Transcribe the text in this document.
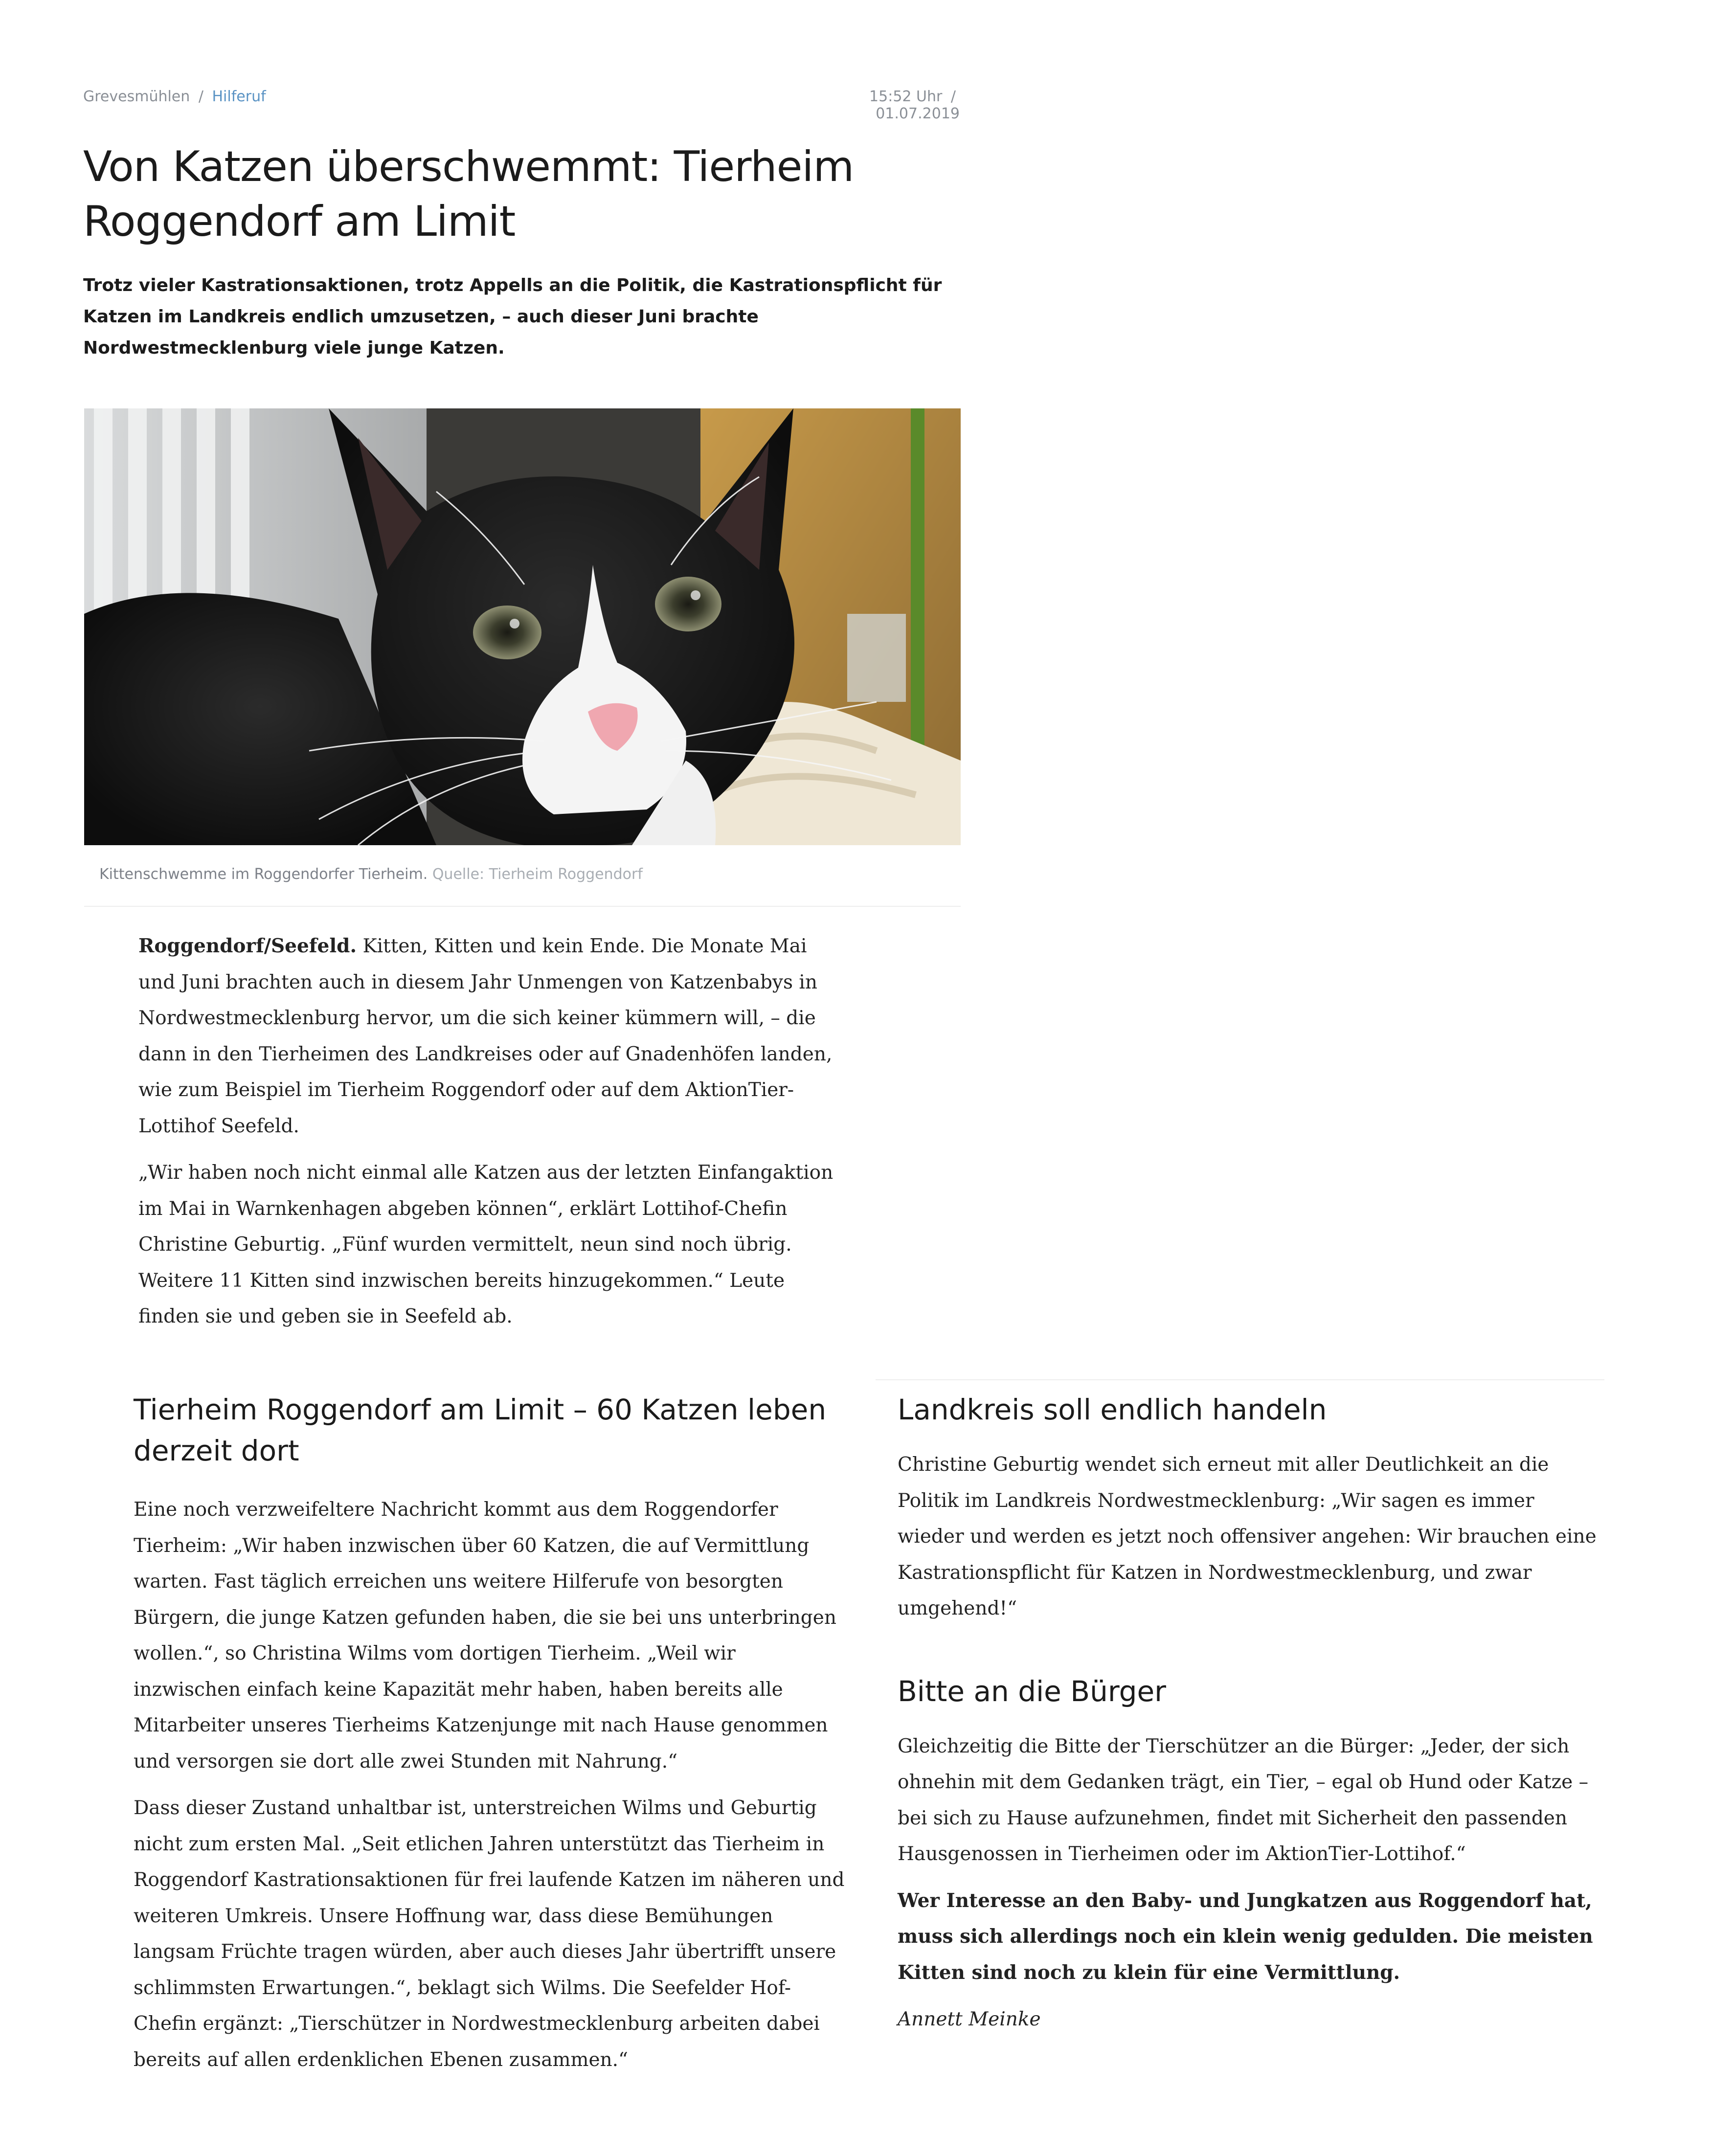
Grevesmühlen / Hilferuf	15:52 Uhr / 01.07.2019
Von Katzen überschwemmt: Tierheim Roggendorf am Limit

Trotz vieler Kastrationsaktionen, trotz Appells an die Politik, die Kastrationspflicht für Katzen im Landkreis endlich umzusetzen, – auch dieser Juni brachte Nordwestmecklenburg viele junge Katzen.

Kittenschwemme im Roggendorfer Tierheim. Quelle: Tierheim Roggendorf

Roggendorf/Seefeld. Kitten, Kitten und kein Ende. Die Monate Mai und Juni brachten auch in diesem Jahr Unmengen von Katzenbabys in Nordwestmecklenburg hervor, um die sich keiner kümmern will, – die dann in den Tierheimen des Landkreises oder auf Gnadenhöfen landen, wie zum Beispiel im Tierheim Roggendorf oder auf dem AktionTier-Lottihof Seefeld.

„Wir haben noch nicht einmal alle Katzen aus der letzten Einfangaktion im Mai in Warnkenhagen abgeben können“, erklärt Lottihof-Chefin Christine Geburtig. „Fünf wurden vermittelt, neun sind noch übrig. Weitere 11 Kitten sind inzwischen bereits hinzugekommen.“ Leute finden sie und geben sie in Seefeld ab.

Tierheim Roggendorf am Limit – 60 Katzen leben derzeit dort

Eine noch verzweifeltere Nachricht kommt aus dem Roggendorfer Tierheim: „Wir haben inzwischen über 60 Katzen, die auf Vermittlung warten. Fast täglich erreichen uns weitere Hilferufe von besorgten Bürgern, die junge Katzen gefunden haben, die sie bei uns unterbringen wollen.“, so Christina Wilms vom dortigen Tierheim. „Weil wir inzwischen einfach keine Kapazität mehr haben, haben bereits alle Mitarbeiter unseres Tierheims Katzenjunge mit nach Hause genommen und versorgen sie dort alle zwei Stunden mit Nahrung.“

Dass dieser Zustand unhaltbar ist, unterstreichen Wilms und Geburtig nicht zum ersten Mal. „Seit etlichen Jahren unterstützt das Tierheim in Roggendorf Kastrationsaktionen für frei laufende Katzen im näheren und weiteren Umkreis. Unsere Hoffnung war, dass diese Bemühungen langsam Früchte tragen würden, aber auch dieses Jahr übertrifft unsere schlimmsten Erwartungen.“, beklagt sich Wilms. Die Seefelder Hof-Chefin ergänzt: „Tierschützer in Nordwestmecklenburg arbeiten dabei bereits auf allen erdenklichen Ebenen zusammen.“

Landkreis soll endlich handeln

Christine Geburtig wendet sich erneut mit aller Deutlichkeit an die Politik im Landkreis Nordwestmecklenburg: „Wir sagen es immer wieder und werden es jetzt noch offensiver angehen: Wir brauchen eine Kastrationspflicht für Katzen in Nordwestmecklenburg, und zwar umgehend!“

Bitte an die Bürger

Gleichzeitig die Bitte der Tierschützer an die Bürger: „Jeder, der sich ohnehin mit dem Gedanken trägt, ein Tier, – egal ob Hund oder Katze – bei sich zu Hause aufzunehmen, findet mit Sicherheit den passenden Hausgenossen in Tierheimen oder im AktionTier-Lottihof.“

Wer Interesse an den Baby- und Jungkatzen aus Roggendorf hat, muss sich allerdings noch ein klein wenig gedulden. Die meisten Kitten sind noch zu klein für eine Vermittlung.

Annett Meinke
